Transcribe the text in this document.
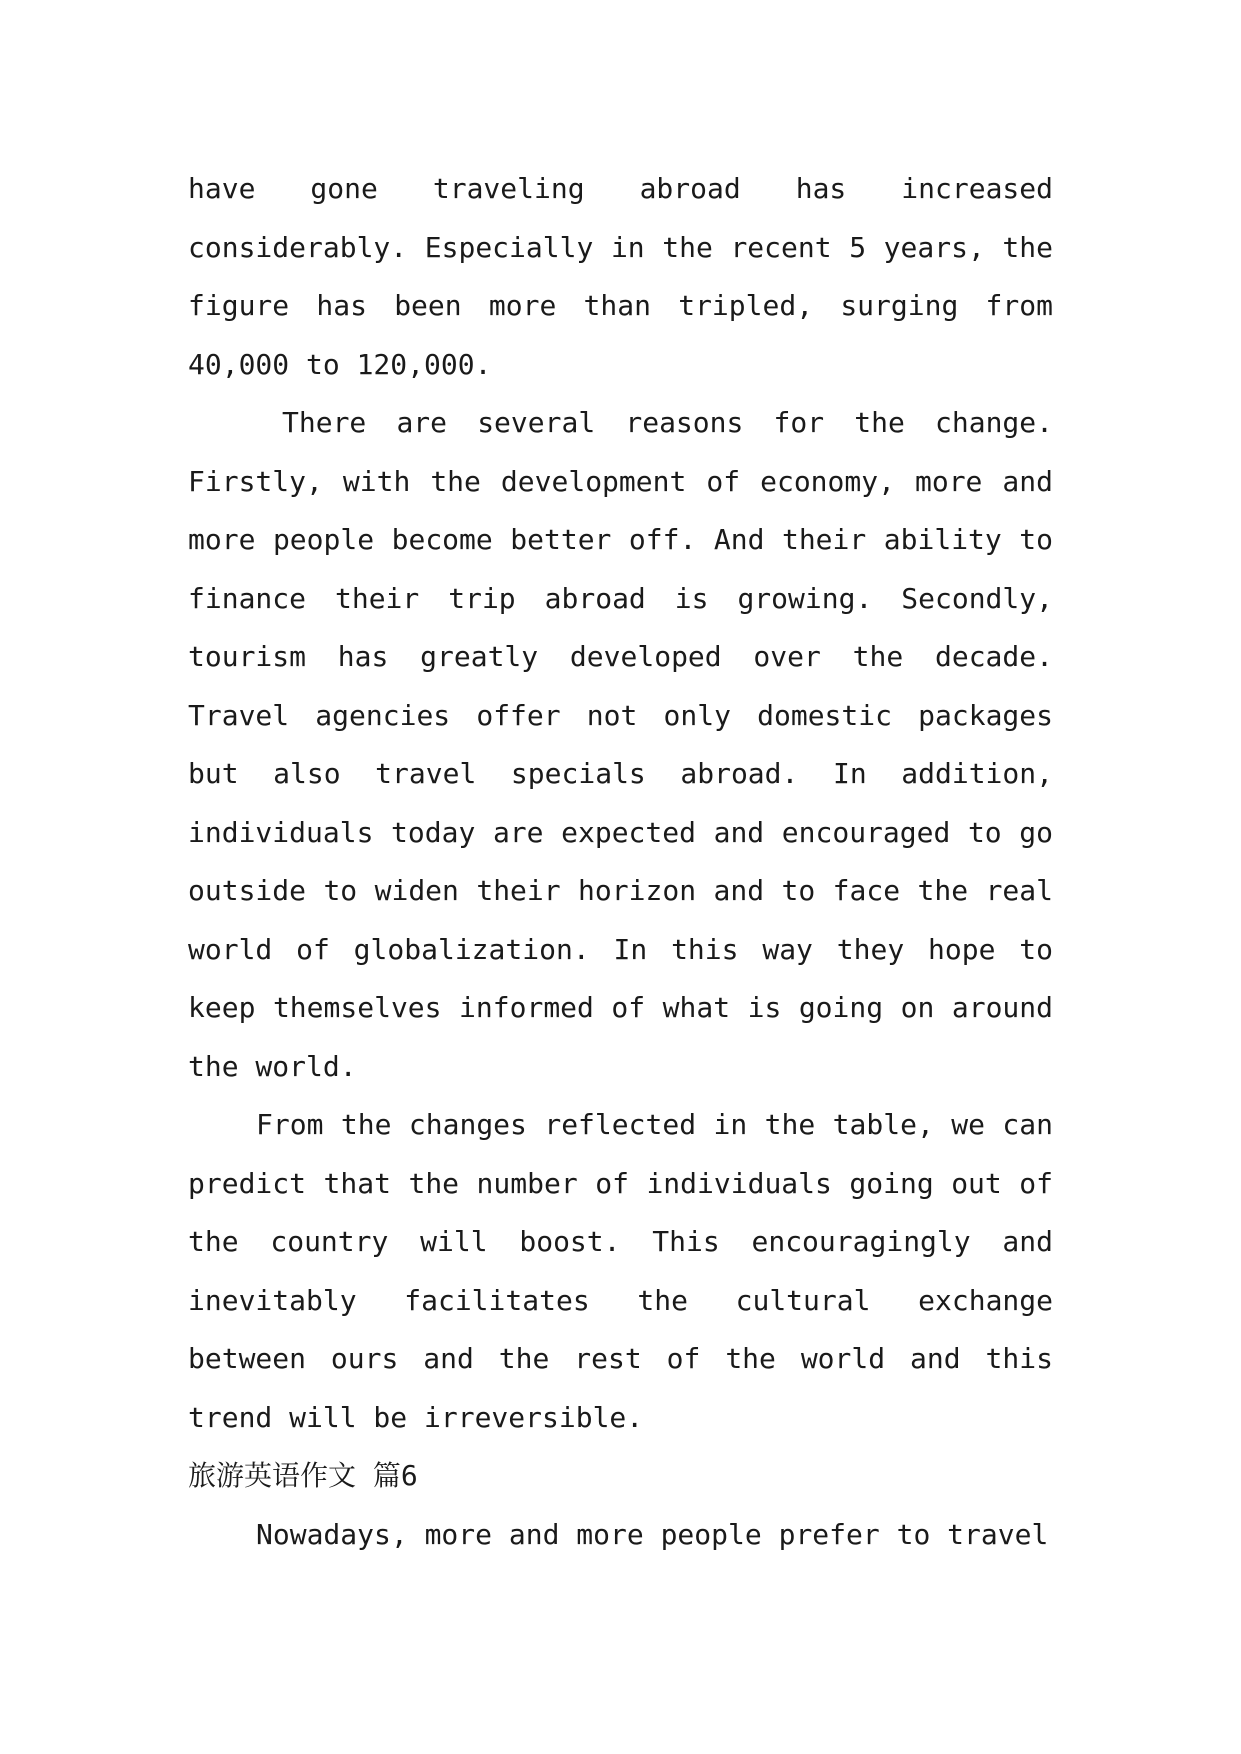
have gone traveling abroad has increased considerably. Especially in the recent 5 years, the figure has been more than tripled, surging from 40,000 to 120,000.

There are several reasons for the change. Firstly, with the development of economy, more and more people become better off. And their ability to finance their trip abroad is growing. Secondly, tourism has greatly developed over the decade. Travel agencies offer not only domestic packages but also travel specials abroad. In addition, individuals today are expected and encouraged to go outside to widen their horizon and to face the real world of globalization. In this way they hope to keep themselves informed of what is going on around the world.

From the changes reflected in the table, we can predict that the number of individuals going out of the country will boost. This encouragingly and inevitably facilitates the cultural exchange between ours and the rest of the world and this trend will be irreversible.

旅游英语作文 篇6

Nowadays, more and more people prefer to travel
